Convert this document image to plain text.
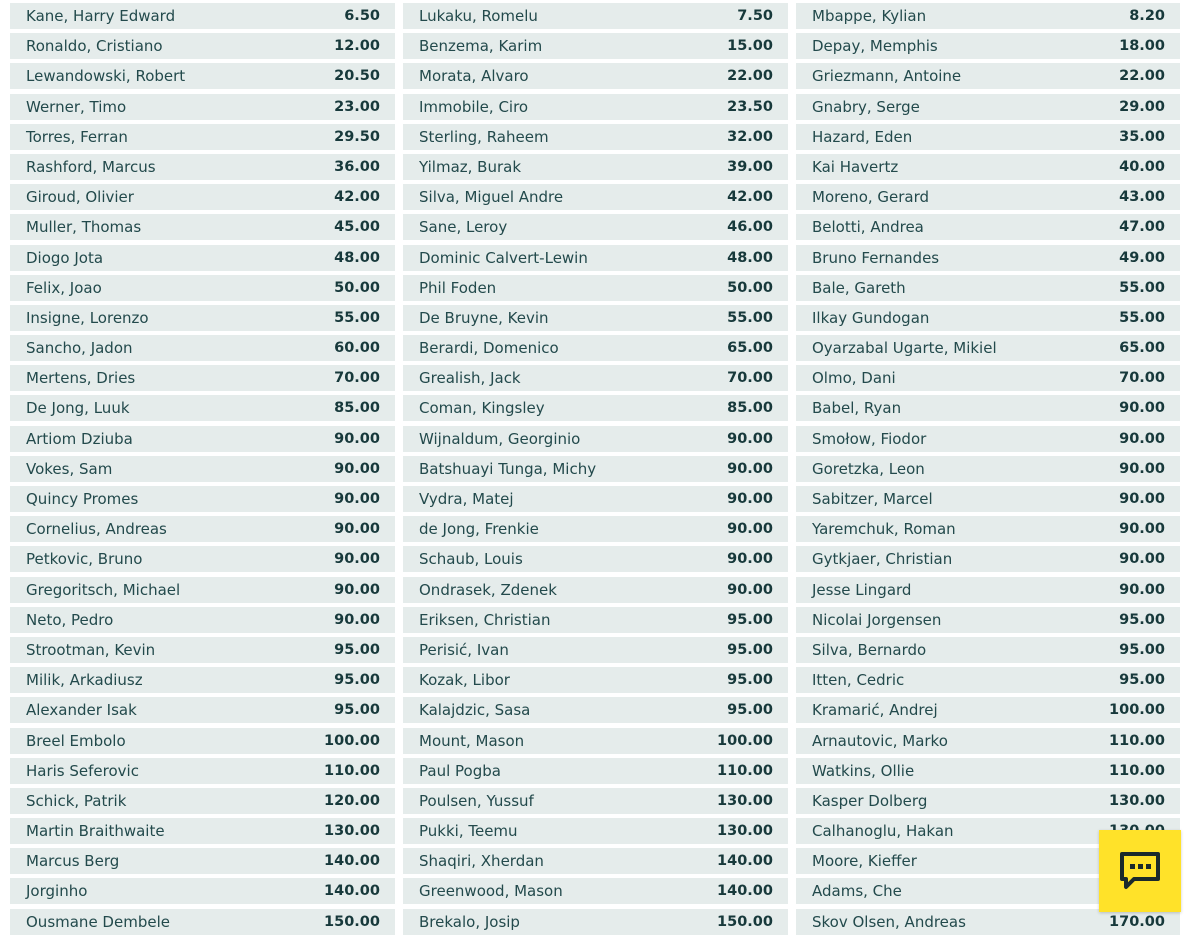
Kane, Harry Edward	6.50
Ronaldo, Cristiano	12.00
Lewandowski, Robert	20.50
Werner, Timo	23.00
Torres, Ferran	29.50
Rashford, Marcus	36.00
Giroud, Olivier	42.00
Muller, Thomas	45.00
Diogo Jota	48.00
Felix, Joao	50.00
Insigne, Lorenzo	55.00
Sancho, Jadon	60.00
Mertens, Dries	70.00
De Jong, Luuk	85.00
Artiom Dziuba	90.00
Vokes, Sam	90.00
Quincy Promes	90.00
Cornelius, Andreas	90.00
Petkovic, Bruno	90.00
Gregoritsch, Michael	90.00
Neto, Pedro	90.00
Strootman, Kevin	95.00
Milik, Arkadiusz	95.00
Alexander Isak	95.00
Breel Embolo	100.00
Haris Seferovic	110.00
Schick, Patrik	120.00
Martin Braithwaite	130.00
Marcus Berg	140.00
Jorginho	140.00
Ousmane Dembele	150.00
Lukaku, Romelu	7.50
Benzema, Karim	15.00
Morata, Alvaro	22.00
Immobile, Ciro	23.50
Sterling, Raheem	32.00
Yilmaz, Burak	39.00
Silva, Miguel Andre	42.00
Sane, Leroy	46.00
Dominic Calvert-Lewin	48.00
Phil Foden	50.00
De Bruyne, Kevin	55.00
Berardi, Domenico	65.00
Grealish, Jack	70.00
Coman, Kingsley	85.00
Wijnaldum, Georginio	90.00
Batshuayi Tunga, Michy	90.00
Vydra, Matej	90.00
de Jong, Frenkie	90.00
Schaub, Louis	90.00
Ondrasek, Zdenek	90.00
Eriksen, Christian	95.00
Perisić, Ivan	95.00
Kozak, Libor	95.00
Kalajdzic, Sasa	95.00
Mount, Mason	100.00
Paul Pogba	110.00
Poulsen, Yussuf	130.00
Pukki, Teemu	130.00
Shaqiri, Xherdan	140.00
Greenwood, Mason	140.00
Brekalo, Josip	150.00
Mbappe, Kylian	8.20
Depay, Memphis	18.00
Griezmann, Antoine	22.00
Gnabry, Serge	29.00
Hazard, Eden	35.00
Kai Havertz	40.00
Moreno, Gerard	43.00
Belotti, Andrea	47.00
Bruno Fernandes	49.00
Bale, Gareth	55.00
Ilkay Gundogan	55.00
Oyarzabal Ugarte, Mikiel	65.00
Olmo, Dani	70.00
Babel, Ryan	90.00
Smołow, Fiodor	90.00
Goretzka, Leon	90.00
Sabitzer, Marcel	90.00
Yaremchuk, Roman	90.00
Gytkjaer, Christian	90.00
Jesse Lingard	90.00
Nicolai Jorgensen	95.00
Silva, Bernardo	95.00
Itten, Cedric	95.00
Kramarić, Andrej	100.00
Arnautovic, Marko	110.00
Watkins, Ollie	110.00
Kasper Dolberg	130.00
Calhanoglu, Hakan
Moore, Kieffer
Adams, Che
Skov Olsen, Andreas	170.00
